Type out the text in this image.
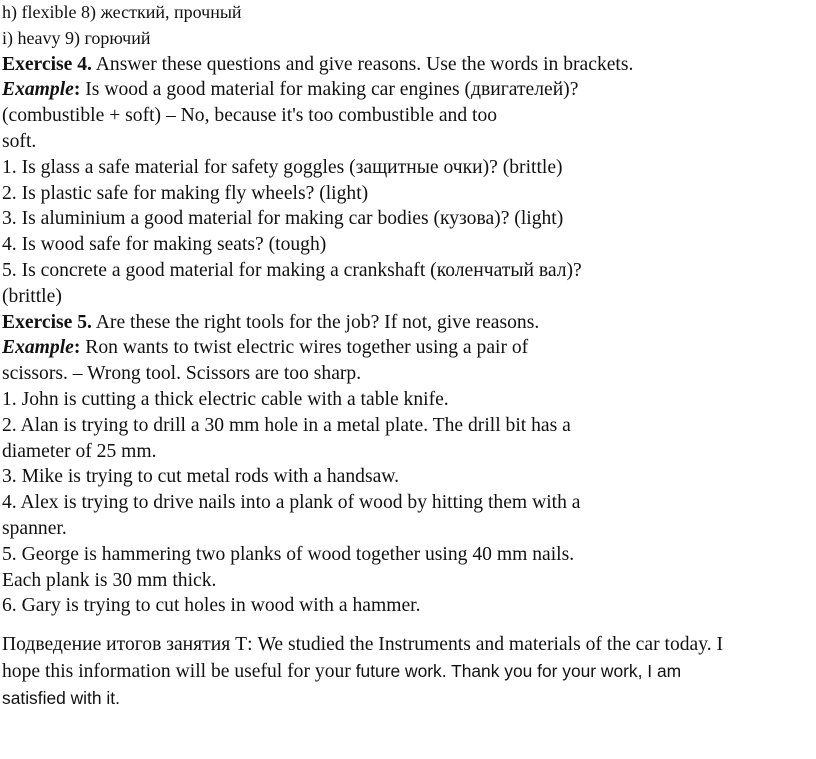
h) flexible 8) жесткий, прочный
i) heavy 9) горючий
Exercise 4. Answer these questions and give reasons. Use the words in brackets.
Example: Is wood a good material for making car engines (двигателей)?
(combustible + soft) – No, because it's too combustible and too
soft.
1. Is glass a safe material for safety goggles (защитные очки)? (brittle)
2. Is plastic safe for making fly wheels? (light)
3. Is aluminium a good material for making car bodies (кузова)? (light)
4. Is wood safe for making seats? (tough)
5. Is concrete a good material for making a crankshaft (коленчатый вал)?
(brittle)
Exercise 5. Are these the right tools for the job? If not, give reasons.
Example: Ron wants to twist electric wires together using a pair of
scissors. – Wrong tool. Scissors are too sharp.
1. John is cutting a thick electric cable with a table knife.
2. Alan is trying to drill a 30 mm hole in a metal plate. The drill bit has a
diameter of 25 mm.
3. Mike is trying to cut metal rods with a handsaw.
4. Alex is trying to drive nails into a plank of wood by hitting them with a
spanner.
5. George is hammering two planks of wood together using 40 mm nails.
Each plank is 30 mm thick.
6. Gary is trying to cut holes in wood with a hammer.
Подведение итогов занятия Т: We studied the Instruments and materials of the car today. I
hope this information will be useful for your future work. Thank you for your work, I am
satisfied with it.
